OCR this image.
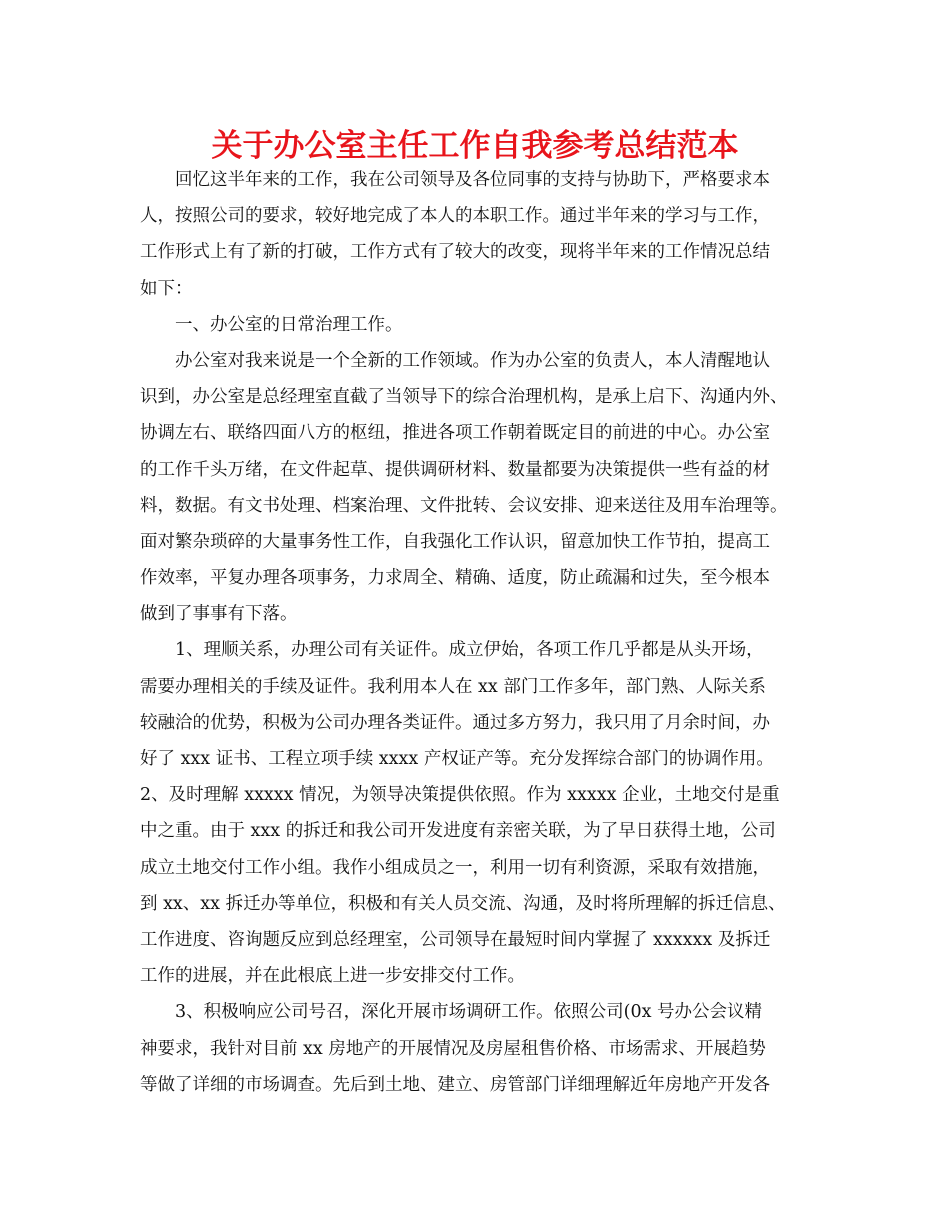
关于办公室主任工作自我参考总结范本
回忆这半年来的工作，我在公司领导及各位同事的支持与协助下，严格要求本
人，按照公司的要求，较好地完成了本人的本职工作。通过半年来的学习与工作，
工作形式上有了新的打破，工作方式有了较大的改变，现将半年来的工作情况总结
如下：
一、办公室的日常治理工作。
办公室对我来说是一个全新的工作领域。作为办公室的负责人，本人清醒地认
识到，办公室是总经理室直截了当领导下的综合治理机构，是承上启下、沟通内外、
协调左右、联络四面八方的枢纽，推进各项工作朝着既定目的前进的中心。办公室
的工作千头万绪，在文件起草、提供调研材料、数量都要为决策提供一些有益的材
料，数据。有文书处理、档案治理、文件批转、会议安排、迎来送往及用车治理等。
面对繁杂琐碎的大量事务性工作，自我强化工作认识，留意加快工作节拍，提高工
作效率，平复办理各项事务，力求周全、精确、适度，防止疏漏和过失，至今根本
做到了事事有下落。
1、理顺关系，办理公司有关证件。成立伊始，各项工作几乎都是从头开场，
需要办理相关的手续及证件。我利用本人在 xx 部门工作多年，部门熟、人际关系
较融洽的优势，积极为公司办理各类证件。通过多方努力，我只用了月余时间，办
好了 xxx 证书、工程立项手续 xxxx 产权证产等。充分发挥综合部门的协调作用。
2、及时理解 xxxxx 情况，为领导决策提供依照。作为 xxxxx 企业，土地交付是重
中之重。由于 xxx 的拆迁和我公司开发进度有亲密关联，为了早日获得土地，公司
成立土地交付工作小组。我作小组成员之一，利用一切有利资源，采取有效措施，
到 xx、xx 拆迁办等单位，积极和有关人员交流、沟通，及时将所理解的拆迁信息、
工作进度、咨询题反应到总经理室，公司领导在最短时间内掌握了 xxxxxx 及拆迁
工作的进展，并在此根底上进一步安排交付工作。
3、积极响应公司号召，深化开展市场调研工作。依照公司(0x 号办公会议精
神要求，我针对目前 xx 房地产的开展情况及房屋租售价格、市场需求、开展趋势
等做了详细的市场调查。先后到土地、建立、房管部门详细理解近年房地产开发各
